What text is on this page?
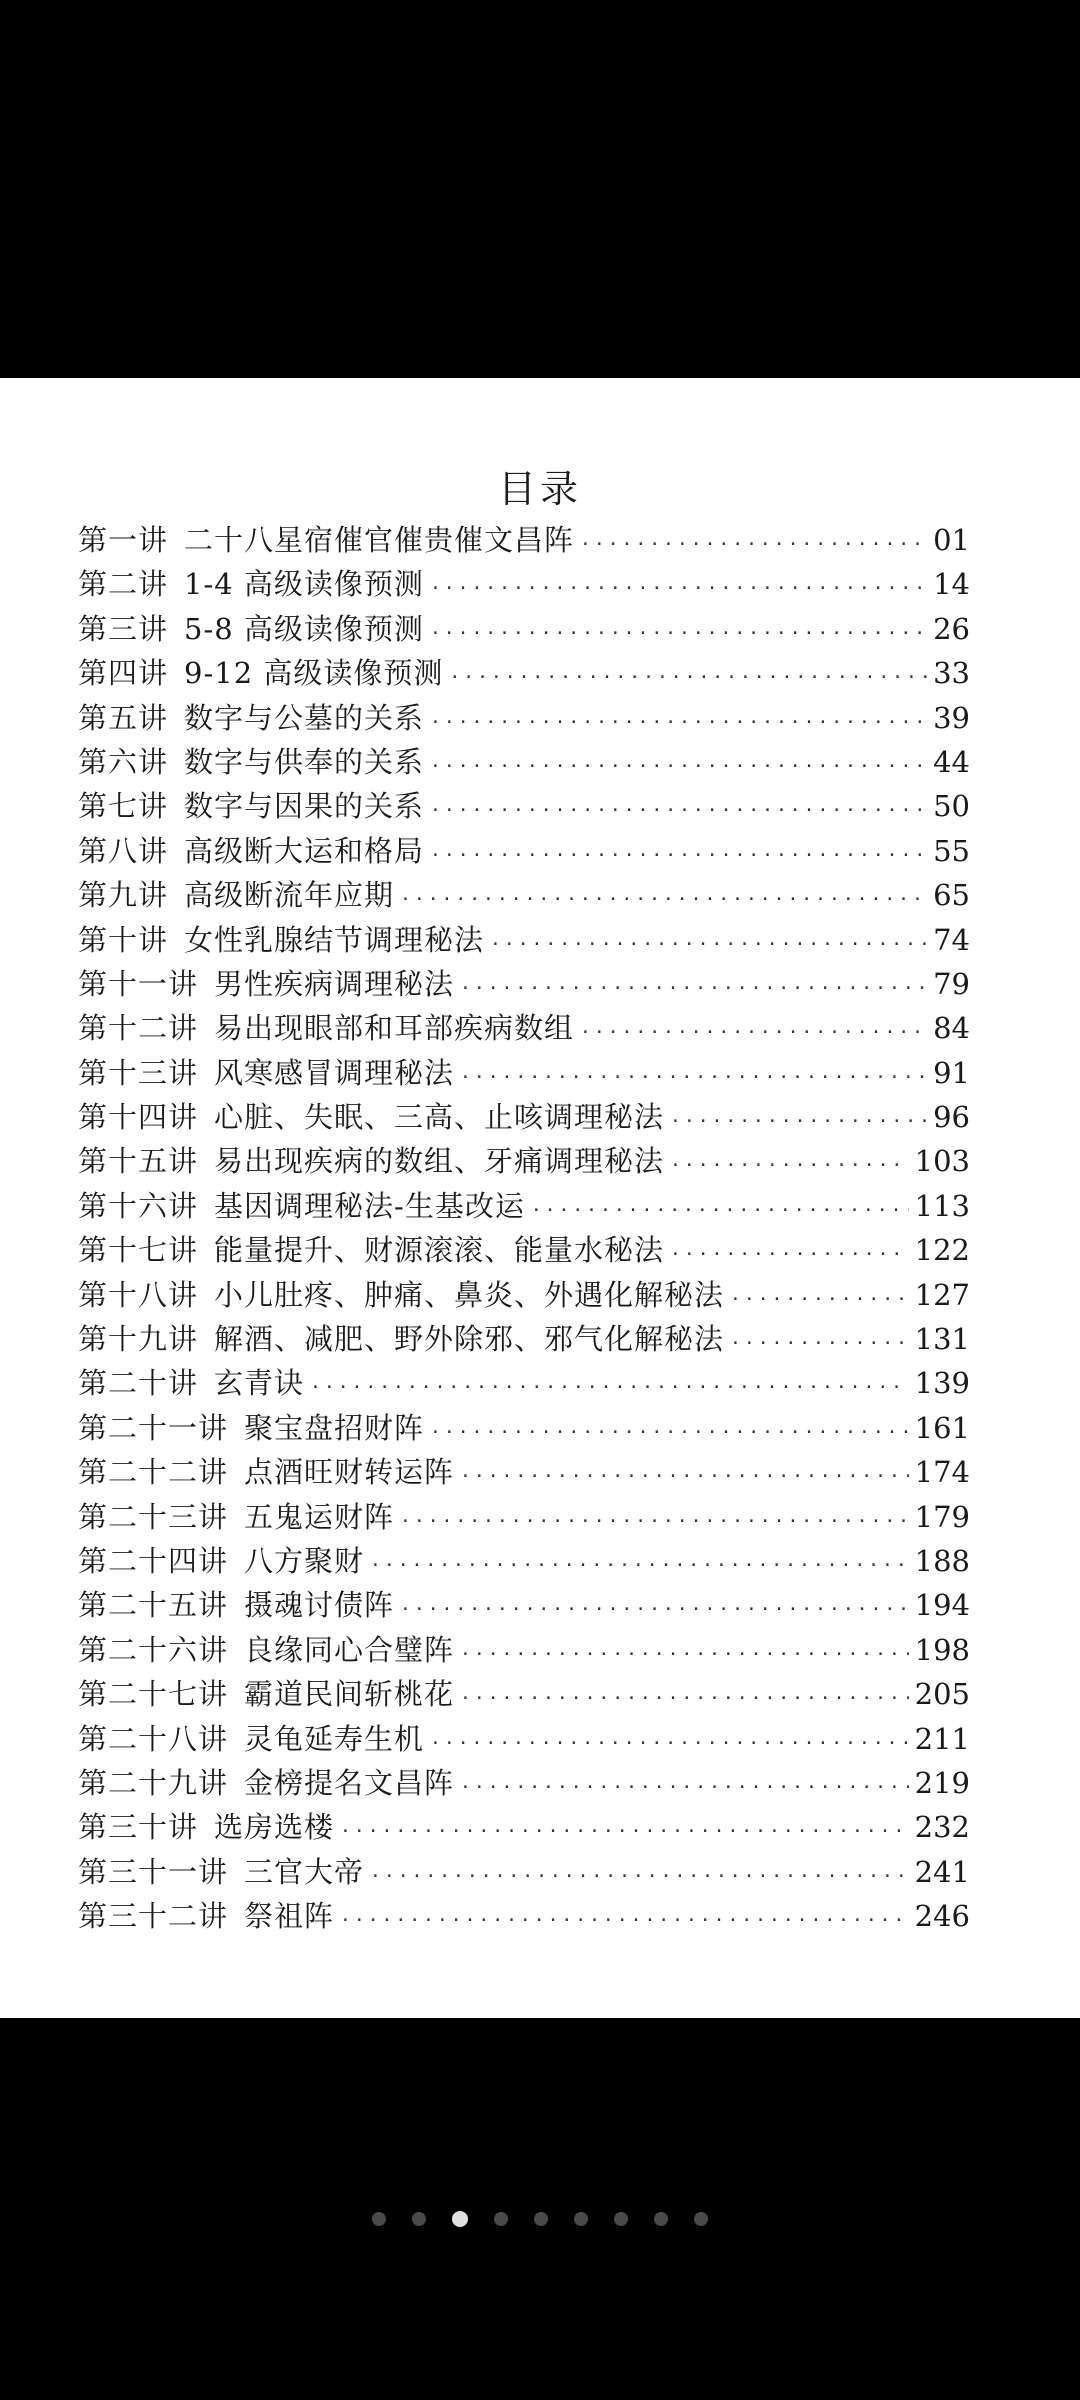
目录
第一讲 二十八星宿催官催贵催文昌阵 ·····	01
第二讲 1-4 高级读像预测 ·····	14
第三讲 5-8 高级读像预测 ·····	26
第四讲 9-12 高级读像预测 ·····	33
第五讲 数字与公墓的关系 ·····	39
第六讲 数字与供奉的关系 ·····	44
第七讲 数字与因果的关系 ·····	50
第八讲 高级断大运和格局 ·····	55
第九讲 高级断流年应期 ·····	65
第十讲 女性乳腺结节调理秘法 ·····	74
第十一讲 男性疾病调理秘法 ·····	79
第十二讲 易出现眼部和耳部疾病数组 ·····	84
第十三讲 风寒感冒调理秘法 ·····	91
第十四讲 心脏、失眠、三高、止咳调理秘法 ·····	96
第十五讲 易出现疾病的数组、牙痛调理秘法 ·····	103
第十六讲 基因调理秘法-生基改运 ·····	113
第十七讲 能量提升、财源滚滚、能量水秘法 ·····	122
第十八讲 小儿肚疼、肿痛、鼻炎、外遇化解秘法 ·····	127
第十九讲 解酒、减肥、野外除邪、邪气化解秘法 ·····	131
第二十讲 玄青诀 ·····	139
第二十一讲 聚宝盘招财阵 ·····	161
第二十二讲 点酒旺财转运阵 ·····	174
第二十三讲 五鬼运财阵 ·····	179
第二十四讲 八方聚财 ·····	188
第二十五讲 摄魂讨债阵 ·····	194
第二十六讲 良缘同心合璧阵 ·····	198
第二十七讲 霸道民间斩桃花 ·····	205
第二十八讲 灵龟延寿生机 ·····	211
第二十九讲 金榜提名文昌阵 ·····	219
第三十讲 选房选楼 ·····	232
第三十一讲 三官大帝 ·····	241
第三十二讲 祭祖阵 ·····	246
